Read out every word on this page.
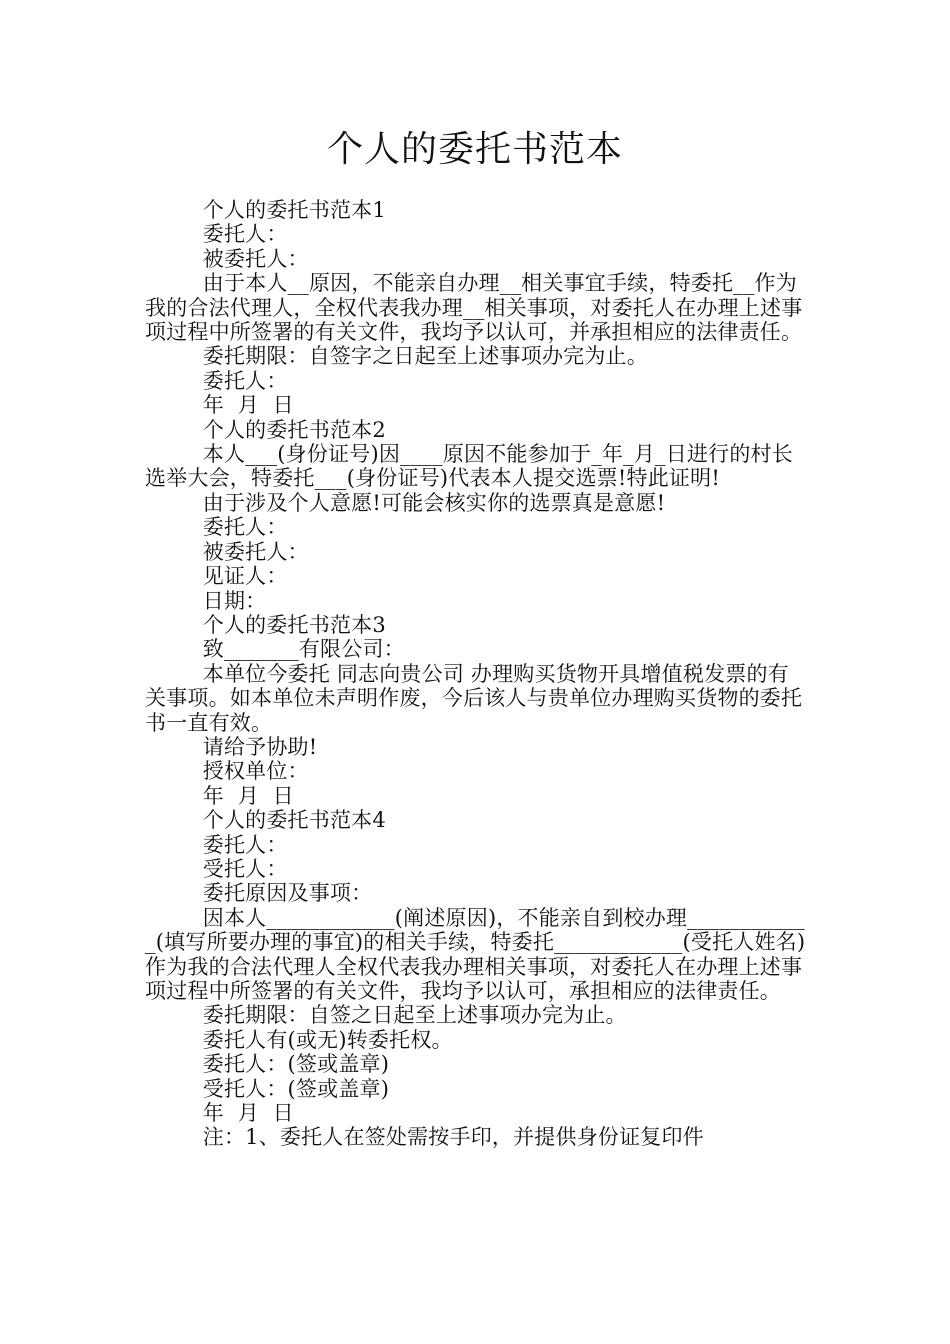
个人的委托书范本

个人的委托书范本1

委托人：

被委托人：

由于本人__原因，不能亲自办理__相关事宜手续，特委托__作为我的合法代理人，全权代表我办理__相关事项，对委托人在办理上述事项过程中所签署的有关文件，我均予以认可，并承担相应的法律责任。

委托期限：自签字之日起至上述事项办完为止。

委托人：

年  月  日

个人的委托书范本2

本人___(身份证号)因____原因不能参加于_年_月_日进行的村长选举大会，特委托___(身份证号)代表本人提交选票!特此证明!

由于涉及个人意愿!可能会核实你的选票真是意愿!

委托人：

被委托人：

见证人：

日期：

个人的委托书范本3

致_______有限公司：

本单位今委托 同志向贵公司 办理购买货物开具增值税发票的有关事项。如本单位未声明作废，今后该人与贵单位办理购买货物的委托书一直有效。

请给予协助!

授权单位：

年  月  日

个人的委托书范本4

委托人：

受托人：

委托原因及事项：

因本人____________(阐述原因)，不能亲自到校办理____________(填写所要办理的事宜)的相关手续，特委托____________(受托人姓名)作为我的合法代理人全权代表我办理相关事项，对委托人在办理上述事项过程中所签署的有关文件，我均予以认可，承担相应的法律责任。

委托期限：自签之日起至上述事项办完为止。

委托人有(或无)转委托权。

委托人：(签或盖章)

受托人：(签或盖章)

年  月  日

注：1、委托人在签处需按手印，并提供身份证复印件
